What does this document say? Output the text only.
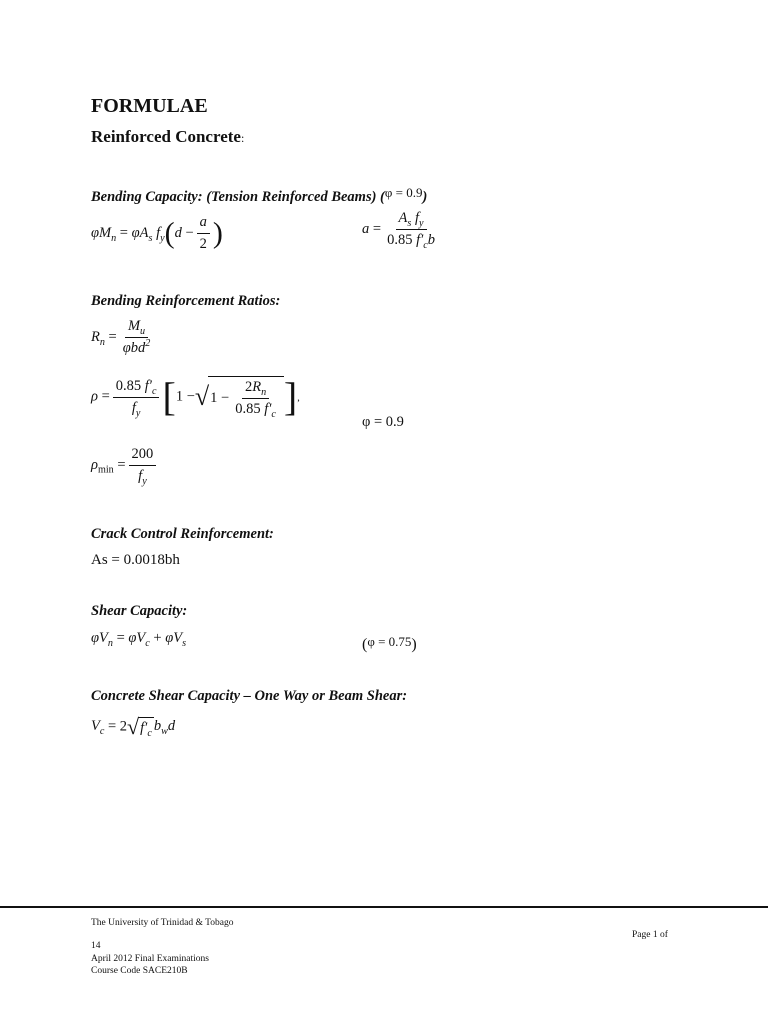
FORMULAE
Reinforced Concrete:
Bending Capacity: (Tension Reinforced Beams) (φ = 0.9)
$\varphi M_n = \varphi A_s$ $f_y(d - \frac{a}{2}$ )	$a = \frac{A_s f_y}{0.85 f'_cb}$
Bending Reinforcement Ratios:
$R_n = \frac{M_u}{\varphi bd^2}$
$\rho = \frac{0.85 f'_c}{f_y} [1$ − √ $1 - \frac{2R_n}{0.85 f'_c}$ ],
φ = 0.9
$\rho_{min} = \frac{200}{f_y}$
Crack Control Reinforcement:
As = 0.0018bh
Shear Capacity:
$\varphi V_n = \varphi V_c + \varphi V_s$	(φ = 0.75)
Concrete Shear Capacity – One Way or Beam Shear:
$V_c = 2$ √ $f'_c$ $b_wd$
The University of Trinidad & Tobago
Page 1 of
14
April 2012 Final Examinations
Course Code SACE210B
